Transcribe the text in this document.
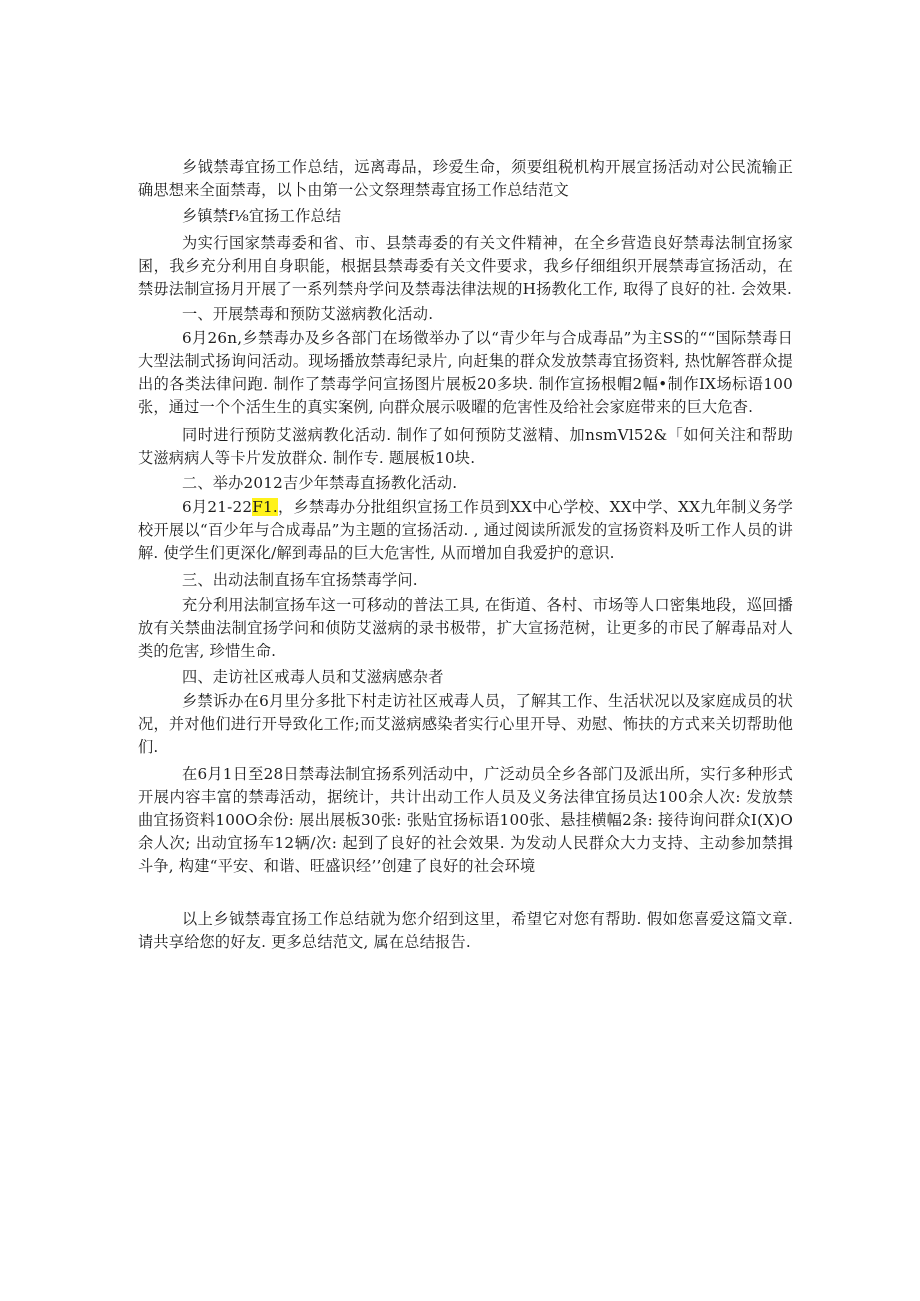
乡钺禁毒宜扬工作总结，远离毒品，珍爱生命，须要组税机构开展宣扬活动对公民流输正确思想来全面禁毒，以卜由第一公文祭理禁毒宜扬工作总结范文

乡镇禁f⅛宜扬工作总结

为实行国家禁毒委和省、市、县禁毒委的有关文件精神，在全乡营造良好禁毒法制宜扬家囷，我乡充分利用自身职能，根据县禁毒委有关文件要求，我乡仔细组织开展禁毒宣扬活动，在禁毋法制宣扬月开展了一系列禁舟学问及禁毒法律法规的H扬教化工作, 取得了良好的社. 会效果.

一、开展禁毒和预防艾滋病教化活动.

6月26n,乡禁毒办及乡各部门在场徵举办了以“青少年与合成毒品”为主SS的““国际禁毒日大型法制式扬询问活动。现场播放禁毒纪录片, 向赶集的群众发放禁毒宜扬资料, 热忱解答群众提出的各类法律问跑. 制作了禁毒学问宣扬图片展板20多块. 制作宣扬根帽2幅•制作IX场标语100张，通过一个个活生生的真实案例, 向群众展示吸曜的危害性及给社会家庭带来的巨大危杳.

同时进行预防艾滋病教化活动. 制作了如何预防艾滋精、加nsmVl52&「如何关注和帮助艾滋病病人等卡片发放群众. 制作专. 题展板10块.

二、举办2012吉少年禁毒直扬教化活动.

6月21-22F1.，乡禁毒办分批组织宣扬工作员到XX中心学校、XX中学、XX九年制义务学校开展以“百少年与合成毒品”为主题的宣扬活动. , 通过阅读所派发的宣扬资料及听工作人员的讲解. 使学生们更深化/解到毒品的巨大危害性, 从而增加自我爱护的意识.

三、出动法制直扬车宜扬禁毒学问.

充分利用法制宣扬车这一可移动的普法工具, 在街道、各村、市场等人口密集地段，巡回播放有关禁曲法制宜扬学问和侦防艾滋病的录书极带，扩大宣扬范树，让更多的市民了解毒品对人类的危害, 珍惜生命.

四、走访社区戒毒人员和艾滋病感杂者

乡禁诉办在6月里分多批下村走访社区戒毒人员，了解其工作、生活状况以及家庭成员的状况，并对他们进行开导致化工作;而艾滋病感染者实行心里开导、劝慰、怖扶的方式来关切帮助他们.

在6月1日至28日禁毒法制宜扬系列活动中，广泛动员全乡各部门及派出所，实行多种形式开展内容丰富的禁毒活动，据统计，共计出动工作人员及义务法律宜扬员达100余人次: 发放禁曲宜扬资料100O余份: 展出展板30张: 张贴宜扬标语100张、悬挂横幅2条: 接待询问群众I(X)O余人次; 出动宜扬车12辆/次: 起到了良好的社会效果. 为发动人民群众大力支持、主动参加禁揖斗争, 构建“平安、和谐、旺盛识经’’创建了良好的社会环境

以上乡钺禁毒宜扬工作总结就为您介绍到这里，希望它对您有帮助. 假如您喜爱这篇文章. 请共享给您的好友. 更多总结范文, 属在总结报告.
